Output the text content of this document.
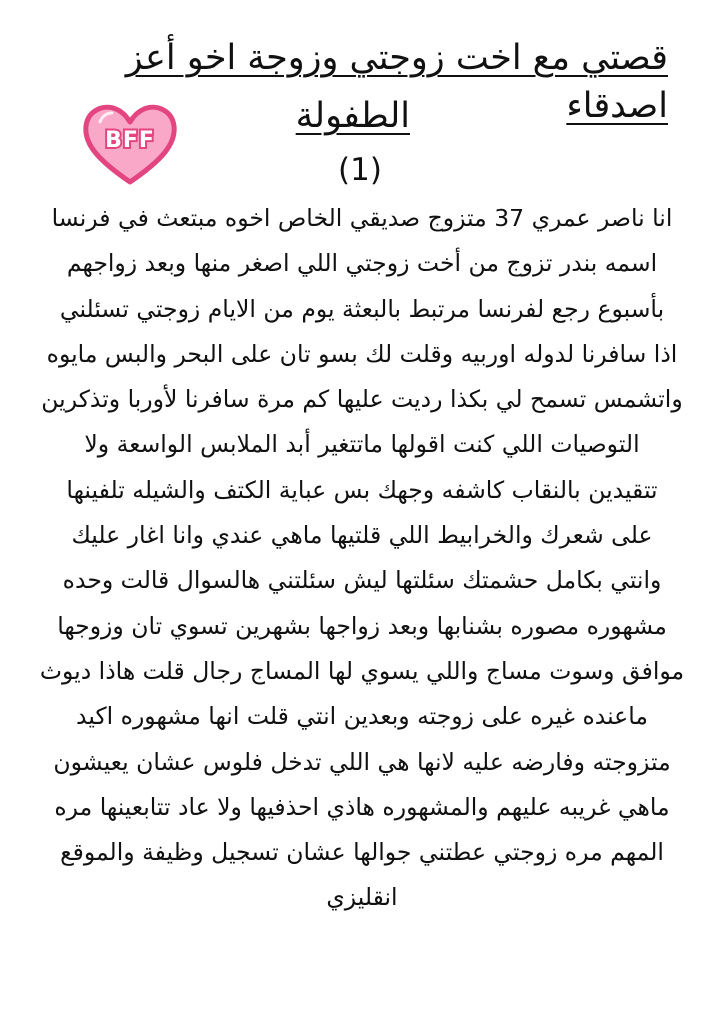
قصتي مع اخت زوجتي وزوجة اخو أعز اصدقاء
الطفولة
(1)
BFF
انا ناصر عمري 37 متزوج صديقي الخاص اخوه مبتعث في فرنسا
اسمه بندر تزوج من أخت زوجتي اللي اصغر منها وبعد زواجهم
بأسبوع رجع لفرنسا مرتبط بالبعثة يوم من الايام زوجتي تسئلني
اذا سافرنا لدوله اوربيه وقلت لك بسو تان على البحر والبس مايوه
واتشمس تسمح لي بكذا رديت عليها كم مرة سافرنا لأوربا وتذكرين
التوصيات اللي كنت اقولها ماتتغير أبد الملابس الواسعة ولا
تتقيدين بالنقاب كاشفه وجهك بس عباية الكتف والشيله تلفينها
على شعرك والخرابيط اللي قلتيها ماهي عندي وانا اغار عليك
وانتي بكامل حشمتك سئلتها ليش سئلتني هالسوال قالت وحده
مشهوره مصوره بشنابها وبعد زواجها بشهرين تسوي تان وزوجها
موافق وسوت مساج واللي يسوي لها المساج رجال قلت هاذا ديوث
ماعنده غيره على زوجته وبعدين انتي قلت انها مشهوره اكيد
متزوجته وفارضه عليه لانها هي اللي تدخل فلوس عشان يعيشون
ماهي غريبه عليهم والمشهوره هاذي احذفيها ولا عاد تتابعينها مره
المهم مره زوجتي عطتني جوالها عشان تسجيل وظيفة والموقع
انقليزي
